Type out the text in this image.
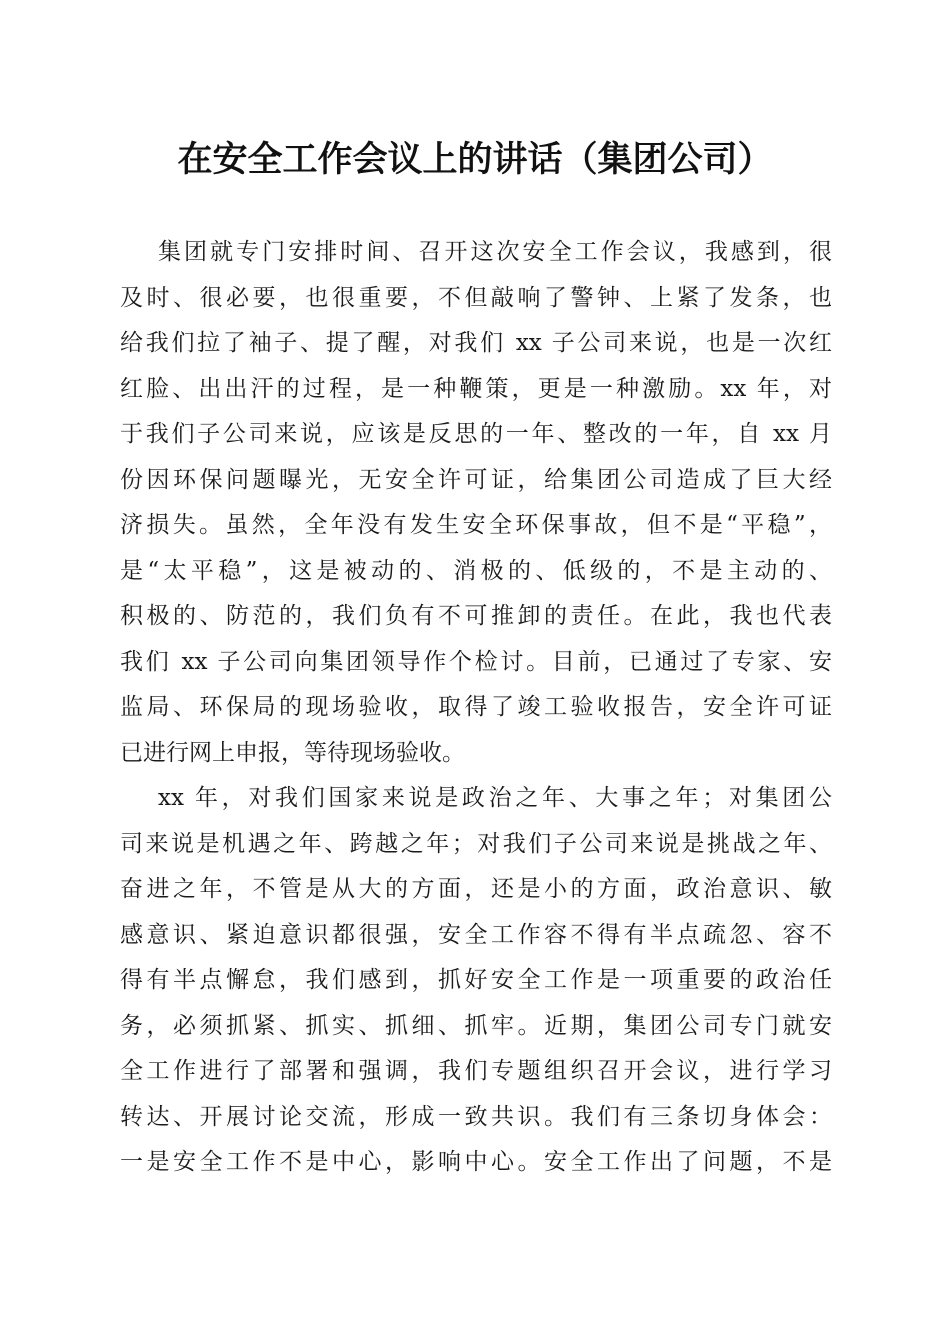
在安全工作会议上的讲话（集团公司）
集团就专门安排时间、召开这次安全工作会议，我感到，很
及时、很必要，也很重要，不但敲响了警钟、上紧了发条，也
给我们拉了袖子、提了醒，对我们 xx 子公司来说，也是一次红
红脸、出出汗的过程，是一种鞭策，更是一种激励。xx 年，对
于我们子公司来说，应该是反思的一年、整改的一年，自 xx 月
份因环保问题曝光，无安全许可证，给集团公司造成了巨大经
济损失。虽然，全年没有发生安全环保事故，但不是“平稳”，
是“太平稳”，这是被动的、消极的、低级的，不是主动的、
积极的、防范的，我们负有不可推卸的责任。在此，我也代表
我们 xx 子公司向集团领导作个检讨。目前，已通过了专家、安
监局、环保局的现场验收，取得了竣工验收报告，安全许可证
已进行网上申报，等待现场验收。
xx 年，对我们国家来说是政治之年、大事之年；对集团公
司来说是机遇之年、跨越之年；对我们子公司来说是挑战之年、
奋进之年，不管是从大的方面，还是小的方面，政治意识、敏
感意识、紧迫意识都很强，安全工作容不得有半点疏忽、容不
得有半点懈怠，我们感到，抓好安全工作是一项重要的政治任
务，必须抓紧、抓实、抓细、抓牢。近期，集团公司专门就安
全工作进行了部署和强调，我们专题组织召开会议，进行学习
转达、开展讨论交流，形成一致共识。我们有三条切身体会：
一是安全工作不是中心，影响中心。安全工作出了问题，不是
